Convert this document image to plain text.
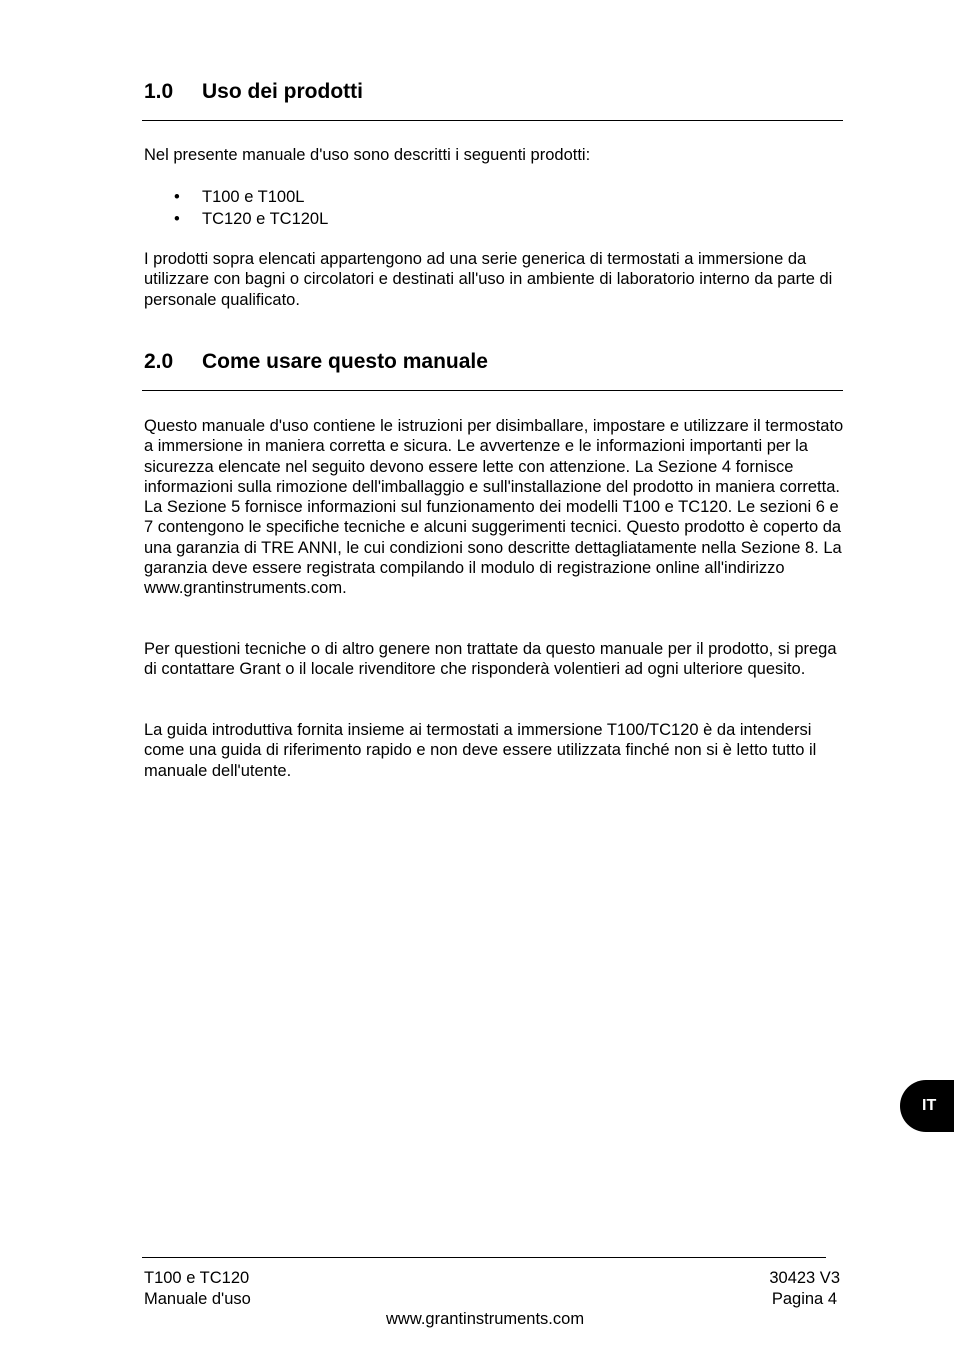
1.0 Uso dei prodotti

Nel presente manuale d'uso sono descritti i seguenti prodotti:

• T100 e T100L
• TC120 e TC120L

I prodotti sopra elencati appartengono ad una serie generica di termostati a immersione da utilizzare con bagni o circolatori e destinati all'uso in ambiente di laboratorio interno da parte di personale qualificato.

2.0 Come usare questo manuale

Questo manuale d'uso contiene le istruzioni per disimballare, impostare e utilizzare il termostato a immersione in maniera corretta e sicura. Le avvertenze e le informazioni importanti per la sicurezza elencate nel seguito devono essere lette con attenzione. La Sezione 4 fornisce informazioni sulla rimozione dell'imballaggio e sull'installazione del prodotto in maniera corretta. La Sezione 5 fornisce informazioni sul funzionamento dei modelli T100 e TC120. Le sezioni 6 e 7 contengono le specifiche tecniche e alcuni suggerimenti tecnici. Questo prodotto è coperto da una garanzia di TRE ANNI, le cui condizioni sono descritte dettagliatamente nella Sezione 8. La garanzia deve essere registrata compilando il modulo di registrazione online all'indirizzo www.grantinstruments.com.

Per questioni tecniche o di altro genere non trattate da questo manuale per il prodotto, si prega di contattare Grant o il locale rivenditore che risponderà volentieri ad ogni ulteriore quesito.

La guida introduttiva fornita insieme ai termostati a immersione T100/TC120 è da intendersi come una guida di riferimento rapido e non deve essere utilizzata finché non si è letto tutto il manuale dell'utente.

IT

T100 e TC120

Manuale d'uso

30423 V3

Pagina 4

www.grantinstruments.com
